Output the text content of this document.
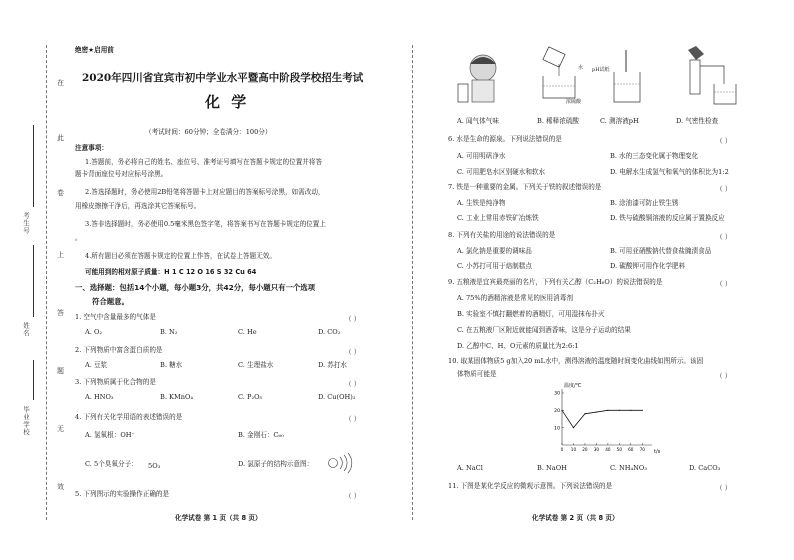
在
此
卷
上
答
题
无
效
考生号
姓名
毕业学校
绝密★启用前
2020年四川省宜宾市初中学业水平暨高中阶段学校招生考试
化 学
（考试时间：60分钟；全卷满分：100分）
注意事项：
1.答题前，务必将自己的姓名、座位号、准考证号填写在答题卡规定的位置并将答
题卡背面座位号对应标号涂黑。
2.答选择题时，务必使用2B铅笔将答题卡上对应题目的答案标号涂黑，如需改动，
用橡皮擦擦干净后，再选涂其它答案标号。
3.答非选择题时，务必使用0.5毫米黑色签字笔，将答案书写在答题卡规定的位置上
。
4.所有题目必须在答题卡规定的位置上作答，在试卷上答题无效。
可能用到的相对原子质量：H 1 C 12 O 16 S 32 Cu 64
一、选择题：包括14个小题，每小题3分，共42分，每小题只有一个选项
符合题意。
1. 空气中含量最多的气体是	（ ）
A. O₂	B. N₂	C. He	D. CO₂
2. 下列物质中富含蛋白质的是	（ ）
A. 豆浆	B. 糖水	C. 生理盐水	D. 苏打水
3. 下列物质属于化合物的是	（ ）
A. HNO₃	B. KMnO₄	C. P₂O₅	D. Cu(OH)₂
4. 下列有关化学用语的表述错误的是	（ ）
A. 氢氧根：OH⁻	B. 金刚石：C₆₀
C. 5个臭氧分子： 5O₃	D. 氯原子的结构示意图：
5. 下列图示的实验操作正确的是	（ ）
化学试卷 第 1 页（共 8 页）
水
浓硫酸
pH试纸
A. 闻气体气味	B. 稀释浓硫酸	C. 测溶液pH	D. 气密性检查
6. 水是生命的源泉。下列说法错误的是	（ ）
A. 可用明矾净水	B. 水的三态变化属于物理变化
C. 可用肥皂水区别硬水和软水	D. 电解水生成氢气和氧气的体积比为1:2
7. 铁是一种重要的金属。下列关于铁的叙述错误的是	（ ）
A. 生铁是纯净物	B. 涂油漆可防止铁生锈
C. 工业上常用赤铁矿冶炼铁	D. 铁与硫酸铜溶液的反应属于置换反应
8. 下列有关盐的用途的说法错误的是	（ ）
A. 氯化钠是重要的调味品	B. 可用亚硝酸钠代替食盐腌渍食品
C. 小苏打可用于焙制糕点	D. 碳酸钾可用作化学肥料
9. 五粮液是宜宾最亮丽的名片，下列有关乙醇（C₂H₆O）的说法错误的是	（ ）
A. 75%的酒精溶液是常见的医用消毒剂
B. 实验室不慎打翻燃着的酒精灯，可用湿抹布扑灭
C. 在五粮液厂区附近就能闻到酒香味，这是分子运动的结果
D. 乙醇中C、H、O元素的质量比为2:6:1
10. 取某固体物质5 g加入20 mL水中，测得溶液的温度随时间变化曲线如图所示。该固
体物质可能是	（ ）
温度/℃
t/s
10
20
30
0 10 20 30 40 50 60 70
A. NaCl	B. NaOH	C. NH₄NO₃	D. CaCO₃
11. 下图是某化学反应的微观示意图。下列说法错误的是	（ ）
化学试卷 第 2 页（共 8 页）
